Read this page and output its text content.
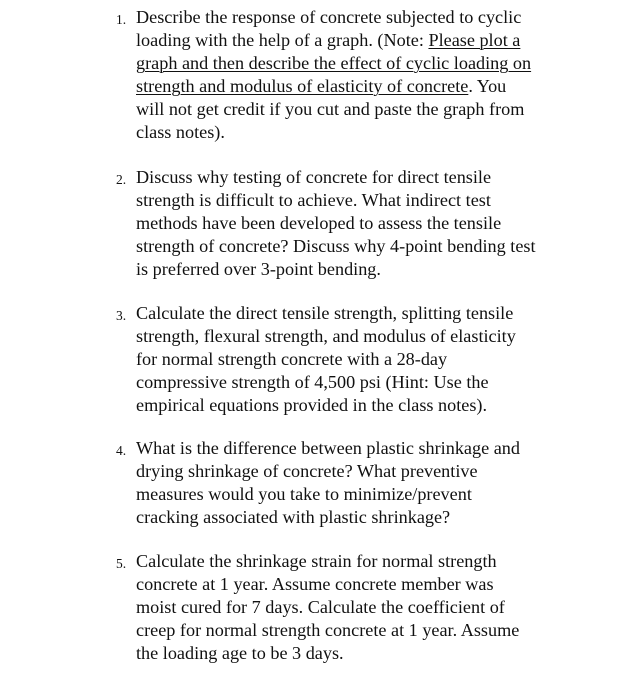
1. Describe the response of concrete subjected to cyclic
loading with the help of a graph. (Note: Please plot a
graph and then describe the effect of cyclic loading on
strength and modulus of elasticity of concrete. You
will not get credit if you cut and paste the graph from
class notes).
2. Discuss why testing of concrete for direct tensile
strength is difficult to achieve. What indirect test
methods have been developed to assess the tensile
strength of concrete? Discuss why 4-point bending test
is preferred over 3-point bending.
3. Calculate the direct tensile strength, splitting tensile
strength, flexural strength, and modulus of elasticity
for normal strength concrete with a 28-day
compressive strength of 4,500 psi (Hint: Use the
empirical equations provided in the class notes).
4. What is the difference between plastic shrinkage and
drying shrinkage of concrete? What preventive
measures would you take to minimize/prevent
cracking associated with plastic shrinkage?
5. Calculate the shrinkage strain for normal strength
concrete at 1 year. Assume concrete member was
moist cured for 7 days. Calculate the coefficient of
creep for normal strength concrete at 1 year. Assume
the loading age to be 3 days.
